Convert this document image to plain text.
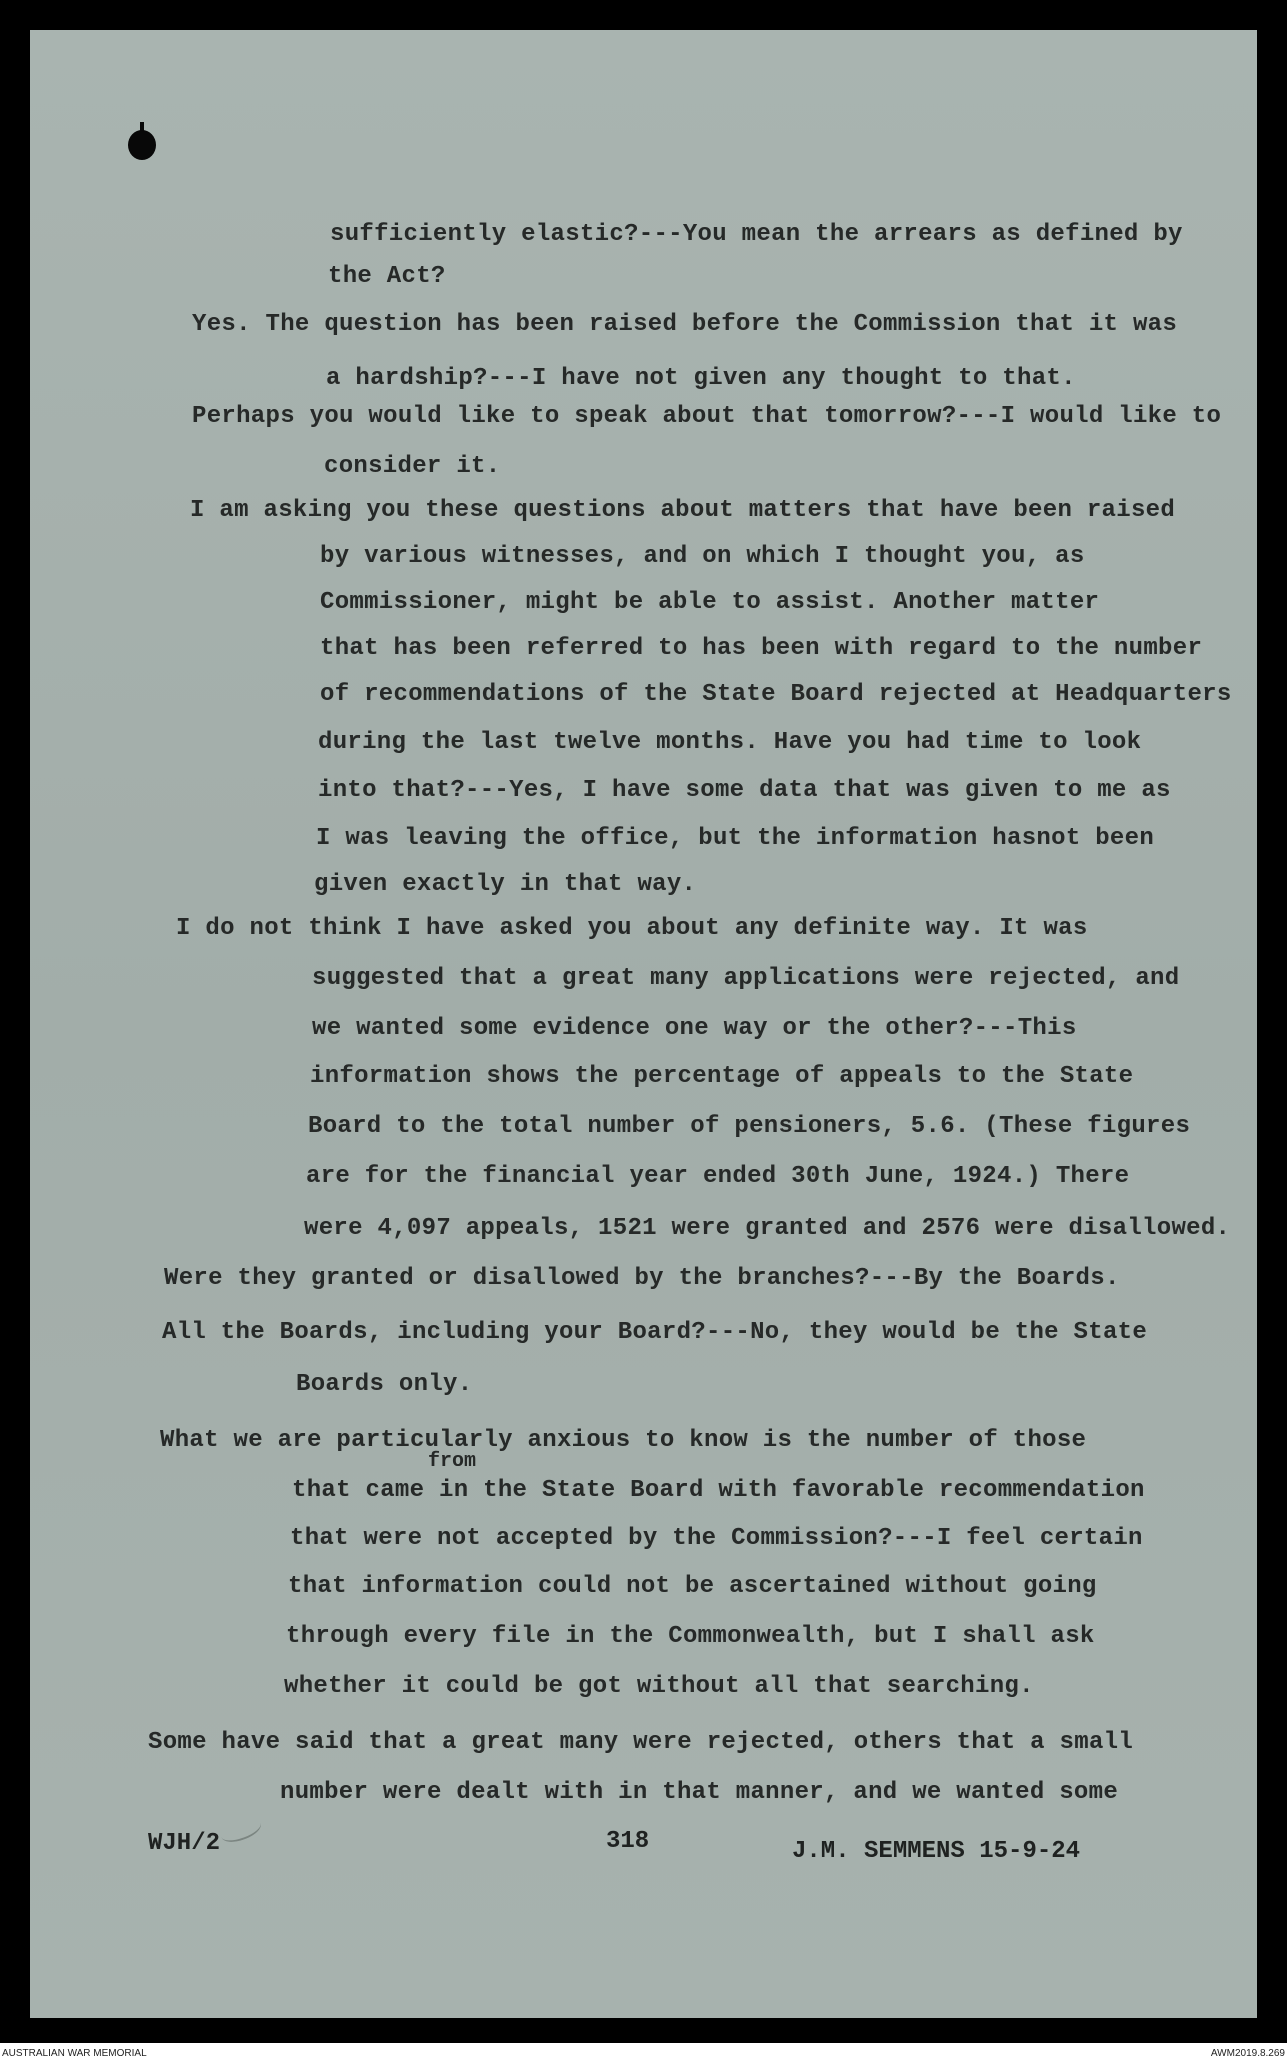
sufficiently elastic?---You mean the arrears as defined by
the Act?
Yes. The question has been raised before the Commission that it was
a hardship?---I have not given any thought to that.
Perhaps you would like to speak about that tomorrow?---I would like to
consider it.
I am asking you these questions about matters that have been raised
by various witnesses, and on which I thought you, as
Commissioner, might be able to assist. Another matter
that has been referred to has been with regard to the number
of recommendations of the State Board rejected at Headquarters
during the last twelve months. Have you had time to look
into that?---Yes, I have some data that was given to me as
I was leaving the office, but the information hasnot been
given exactly in that way.
I do not think I have asked you about any definite way. It was
suggested that a great many applications were rejected, and
we wanted some evidence one way or the other?---This
information shows the percentage of appeals to the State
Board to the total number of pensioners, 5.6. (These figures
are for the financial year ended 30th June, 1924.) There
were 4,097 appeals, 1521 were granted and 2576 were disallowed.
Were they granted or disallowed by the branches?---By the Boards.
All the Boards, including your Board?---No, they would be the State
Boards only.
What we are particularly anxious to know is the number of those
from
that came in the State Board with favorable recommendation
that were not accepted by the Commission?---I feel certain
that information could not be ascertained without going
through every file in the Commonwealth, but I shall ask
whether it could be got without all that searching.
Some have said that a great many were rejected, others that a small
number were dealt with in that manner, and we wanted some
WJH/2	318	J.M. SEMMENS 15-9-24
AUSTRALIAN WAR MEMORIAL	AWM2019.8.269
